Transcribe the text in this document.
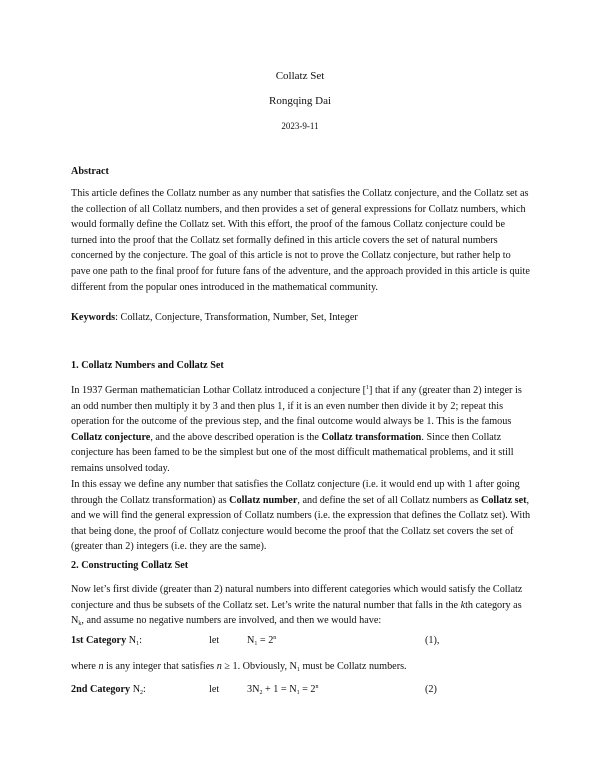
Collatz Set
Rongqing Dai
2023-9-11
Abstract
This article defines the Collatz number as any number that satisfies the Collatz conjecture, and the Collatz set as the collection of all Collatz numbers, and then provides a set of general expressions for Collatz numbers, which would formally define the Collatz set. With this effort, the proof of the famous Collatz conjecture could be turned into the proof that the Collatz set formally defined in this article covers the set of natural numbers concerned by the conjecture. The goal of this article is not to prove the Collatz conjecture, but rather help to pave one path to the final proof for future fans of the adventure, and the approach provided in this article is quite different from the popular ones introduced in the mathematical community.
Keywords: Collatz, Conjecture, Transformation, Number, Set, Integer
1. Collatz Numbers and Collatz Set
In 1937 German mathematician Lothar Collatz introduced a conjecture [$^1$] that if any (greater than 2) integer is an odd number then multiply it by 3 and then plus 1, if it is an even number then divide it by 2; repeat this operation for the outcome of the previous step, and the final outcome would always be 1. This is the famous Collatz conjecture, and the above described operation is the Collatz transformation. Since then Collatz conjecture has been famed to be the simplest but one of the most difficult mathematical problems, and it still remains unsolved today.
In this essay we define any number that satisfies the Collatz conjecture (i.e. it would end up with 1 after going through the Collatz transformation) as Collatz number, and define the set of all Collatz numbers as Collatz set, and we will find the general expression of Collatz numbers (i.e. the expression that defines the Collatz set). With that being done, the proof of Collatz conjecture would become the proof that the Collatz set covers the set of (greater than 2) integers (i.e. they are the same).
2. Constructing Collatz Set
Now let’s first divide (greater than 2) natural numbers into different categories which would satisfy the Collatz conjecture and thus be subsets of the Collatz set. Let’s write the natural number that falls in the kth category as $N_k$, and assume no negative numbers are involved, and then we would have:
1st Category $N_1$:	let	$N_1 = 2^n$	(1),
where n is any integer that satisfies n ≥ 1. Obviously, $N_1$ must be Collatz numbers.
2nd Category $N_2$:	let	$3N_2 + 1 = N_1 = 2^n$	(2)
